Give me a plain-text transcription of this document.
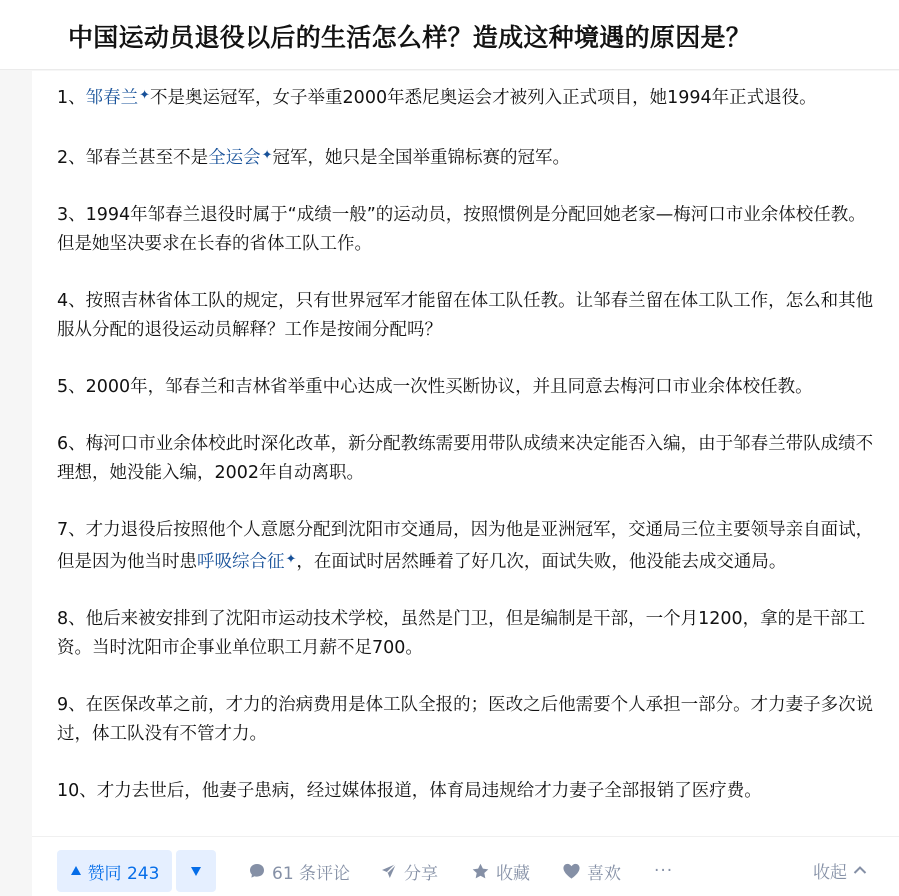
中国运动员退役以后的生活怎么样？造成这种境遇的原因是？

1、邹春兰✦不是奥运冠军，女子举重2000年悉尼奥运会才被列入正式项目，她1994年正式退役。

2、邹春兰甚至不是全运会✦冠军，她只是全国举重锦标赛的冠军。

3、1994年邹春兰退役时属于“成绩一般”的运动员，按照惯例是分配回她老家—梅河口市业余体校任教。但是她坚决要求在长春的省体工队工作。

4、按照吉林省体工队的规定，只有世界冠军才能留在体工队任教。让邹春兰留在体工队工作，怎么和其他服从分配的退役运动员解释？工作是按闹分配吗？

5、2000年，邹春兰和吉林省举重中心达成一次性买断协议，并且同意去梅河口市业余体校任教。

6、梅河口市业余体校此时深化改革，新分配教练需要用带队成绩来决定能否入编，由于邹春兰带队成绩不理想，她没能入编，2002年自动离职。

7、才力退役后按照他个人意愿分配到沈阳市交通局，因为他是亚洲冠军，交通局三位主要领导亲自面试，但是因为他当时患呼吸综合征✦，在面试时居然睡着了好几次，面试失败，他没能去成交通局。

8、他后来被安排到了沈阳市运动技术学校，虽然是门卫，但是编制是干部，一个月1200，拿的是干部工资。当时沈阳市企事业单位职工月薪不足700。

9、在医保改革之前，才力的治病费用是体工队全报的；医改之后他需要个人承担一部分。才力妻子多次说过，体工队没有不管才力。

10、才力去世后，他妻子患病，经过媒体报道，体育局违规给才力妻子全部报销了医疗费。

赞同 243	61 条评论	分享	收藏	喜欢 ···	收起
